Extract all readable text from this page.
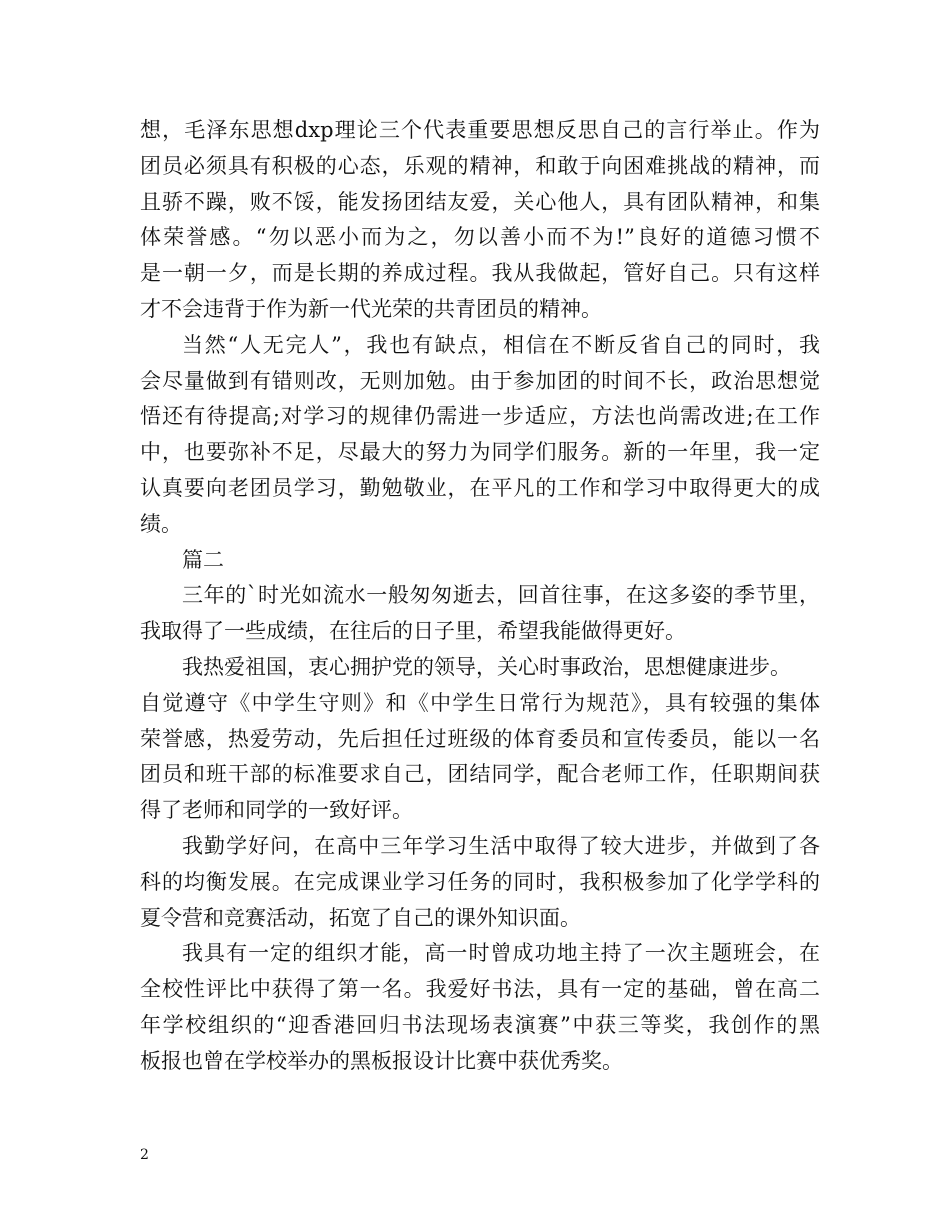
想，毛泽东思想dxp理论三个代表重要思想反思自己的言行举止。作为
团员必须具有积极的心态，乐观的精神，和敢于向困难挑战的精神，而
且骄不躁，败不馁，能发扬团结友爱，关心他人，具有团队精神，和集
体荣誉感。“勿以恶小而为之，勿以善小而不为!”良好的道德习惯不
是一朝一夕，而是长期的养成过程。我从我做起，管好自己。只有这样
才不会违背于作为新一代光荣的共青团员的精神。
当然“人无完人”，我也有缺点，相信在不断反省自己的同时，我
会尽量做到有错则改，无则加勉。由于参加团的时间不长，政治思想觉
悟还有待提高;对学习的规律仍需进一步适应，方法也尚需改进;在工作
中，也要弥补不足，尽最大的努力为同学们服务。新的一年里，我一定
认真要向老团员学习，勤勉敬业，在平凡的工作和学习中取得更大的成
绩。
篇二
三年的`时光如流水一般匆匆逝去，回首往事，在这多姿的季节里，
我取得了一些成绩，在往后的日子里，希望我能做得更好。
我热爱祖国，衷心拥护党的领导，关心时事政治，思想健康进步。
自觉遵守《中学生守则》和《中学生日常行为规范》，具有较强的集体
荣誉感，热爱劳动，先后担任过班级的体育委员和宣传委员，能以一名
团员和班干部的标准要求自己，团结同学，配合老师工作，任职期间获
得了老师和同学的一致好评。
我勤学好问，在高中三年学习生活中取得了较大进步，并做到了各
科的均衡发展。在完成课业学习任务的同时，我积极参加了化学学科的
夏令营和竞赛活动，拓宽了自己的课外知识面。
我具有一定的组织才能，高一时曾成功地主持了一次主题班会，在
全校性评比中获得了第一名。我爱好书法，具有一定的基础，曾在高二
年学校组织的“迎香港回归书法现场表演赛”中获三等奖，我创作的黑
板报也曾在学校举办的黑板报设计比赛中获优秀奖。
2
